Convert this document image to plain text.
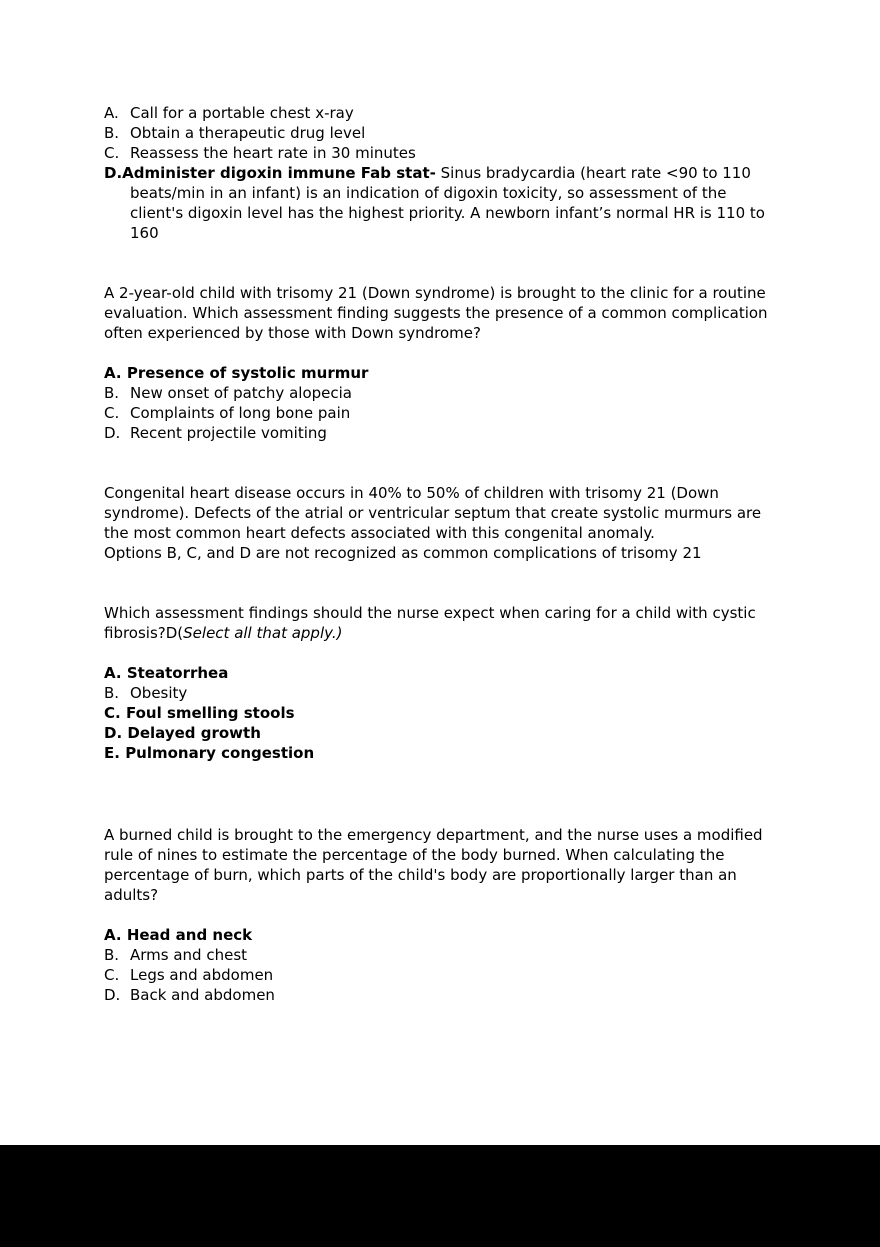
A. Call for a portable chest x-ray
B. Obtain a therapeutic drug level
C. Reassess the heart rate in 30 minutes
D.Administer digoxin immune Fab stat- Sinus bradycardia (heart rate <90 to 110 beats/min in an infant) is an indication of digoxin toxicity, so assessment of the client's digoxin level has the highest priority. A newborn infant’s normal HR is 110 to 160

A 2-year-old child with trisomy 21 (Down syndrome) is brought to the clinic for a routine evaluation. Which assessment finding suggests the presence of a common complication often experienced by those with Down syndrome?

A. Presence of systolic murmur
B. New onset of patchy alopecia
C. Complaints of long bone pain
D. Recent projectile vomiting

Congenital heart disease occurs in 40% to 50% of children with trisomy 21 (Down syndrome). Defects of the atrial or ventricular septum that create systolic murmurs are the most common heart defects associated with this congenital anomaly.

Options B, C, and D are not recognized as common complications of trisomy 21

Which assessment findings should the nurse expect when caring for a child with cystic fibrosis?D(Select all that apply.)

A. Steatorrhea
B. Obesity
C. Foul smelling stools
D. Delayed growth
E. Pulmonary congestion

A burned child is brought to the emergency department, and the nurse uses a modified rule of nines to estimate the percentage of the body burned. When calculating the percentage of burn, which parts of the child's body are proportionally larger than an adults?

A. Head and neck
B. Arms and chest
C. Legs and abdomen
D. Back and abdomen
